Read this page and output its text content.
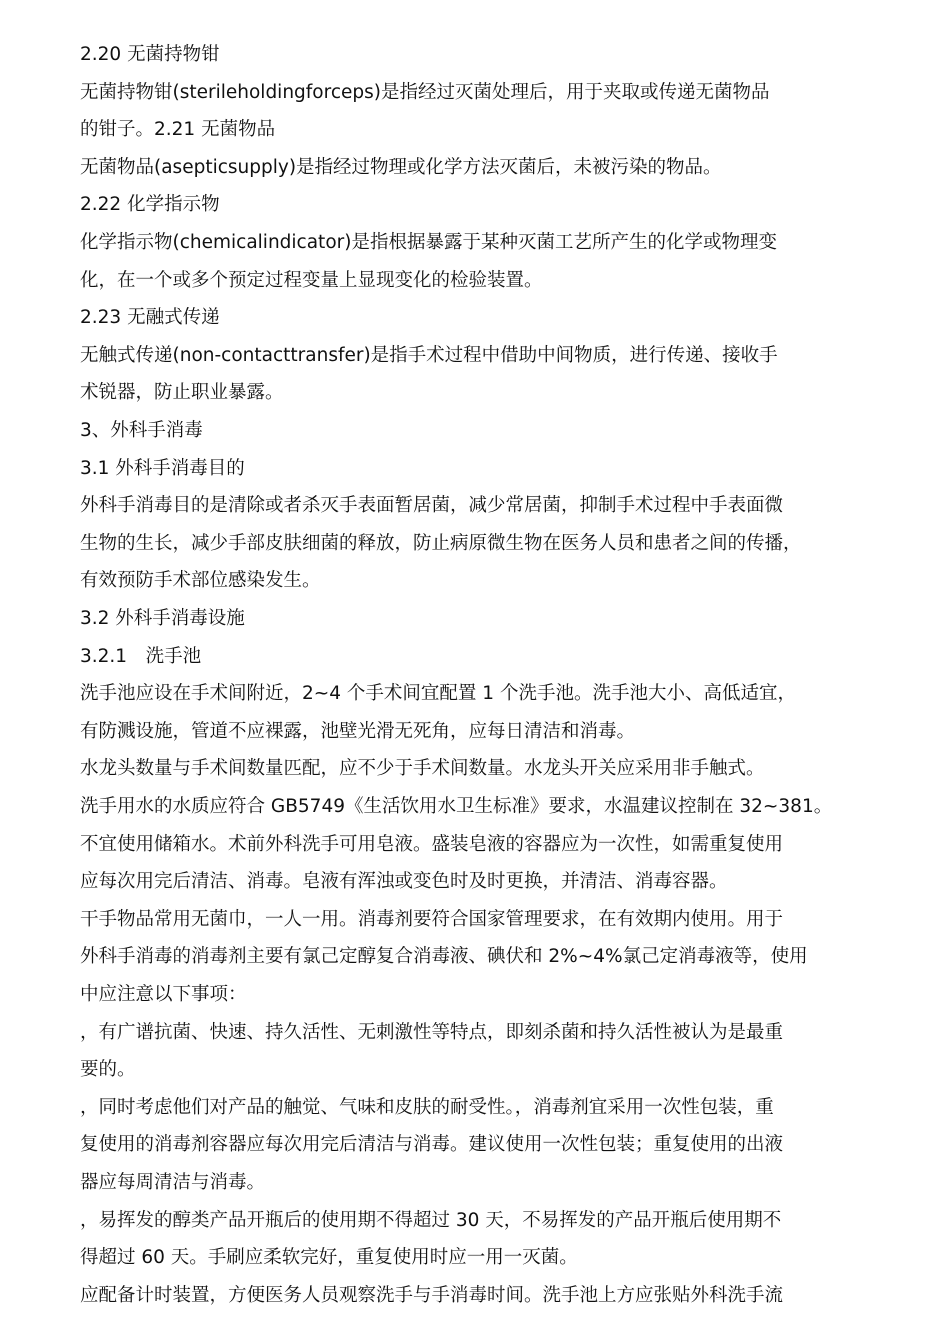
2.20 无菌持物钳
无菌持物钳(sterileholdingforceps)是指经过灭菌处理后，用于夹取或传递无菌物品
的钳子。2.21 无菌物品
无菌物品(asepticsupply)是指经过物理或化学方法灭菌后，未被污染的物品。
2.22 化学指示物
化学指示物(chemicalindicator)是指根据暴露于某种灭菌工艺所产生的化学或物理变
化，在一个或多个预定过程变量上显现变化的检验装置。
2.23 无融式传递
无触式传递(non-contacttransfer)是指手术过程中借助中间物质，进行传递、接收手
术锐器，防止职业暴露。
3、外科手消毒
3.1 外科手消毒目的
外科手消毒目的是清除或者杀灭手表面暂居菌，减少常居菌，抑制手术过程中手表面微
生物的生长，减少手部皮肤细菌的释放，防止病原微生物在医务人员和患者之间的传播，
有效预防手术部位感染发生。
3.2 外科手消毒设施
3.2.1　洗手池
洗手池应设在手术间附近，2~4 个手术间宜配置 1 个洗手池。洗手池大小、高低适宜，
有防溅设施，管道不应裸露，池壁光滑无死角，应每日清洁和消毒。
水龙头数量与手术间数量匹配，应不少于手术间数量。水龙头开关应采用非手触式。
洗手用水的水质应符合 GB5749《生活饮用水卫生标准》要求，水温建议控制在 32~381。
不宜使用储箱水。术前外科洗手可用皂液。盛装皂液的容器应为一次性，如需重复使用
应每次用完后清洁、消毒。皂液有浑浊或变色时及时更换，并清洁、消毒容器。
干手物品常用无菌巾，一人一用。消毒剂要符合国家管理要求，在有效期内使用。用于
外科手消毒的消毒剂主要有氯己定醇复合消毒液、碘伏和 2%~4%氯己定消毒液等，使用
中应注意以下事项：
，有广谱抗菌、快速、持久活性、无刺激性等特点，即刻杀菌和持久活性被认为是最重
要的。
，同时考虑他们对产品的触觉、气味和皮肤的耐受性。，消毒剂宜采用一次性包装，重
复使用的消毒剂容器应每次用完后清洁与消毒。建议使用一次性包装；重复使用的出液
器应每周清洁与消毒。
，易挥发的醇类产品开瓶后的使用期不得超过 30 天，不易挥发的产品开瓶后使用期不
得超过 60 天。手刷应柔软完好，重复使用时应一用一灭菌。
应配备计时装置，方便医务人员观察洗手与手消毒时间。洗手池上方应张贴外科洗手流
